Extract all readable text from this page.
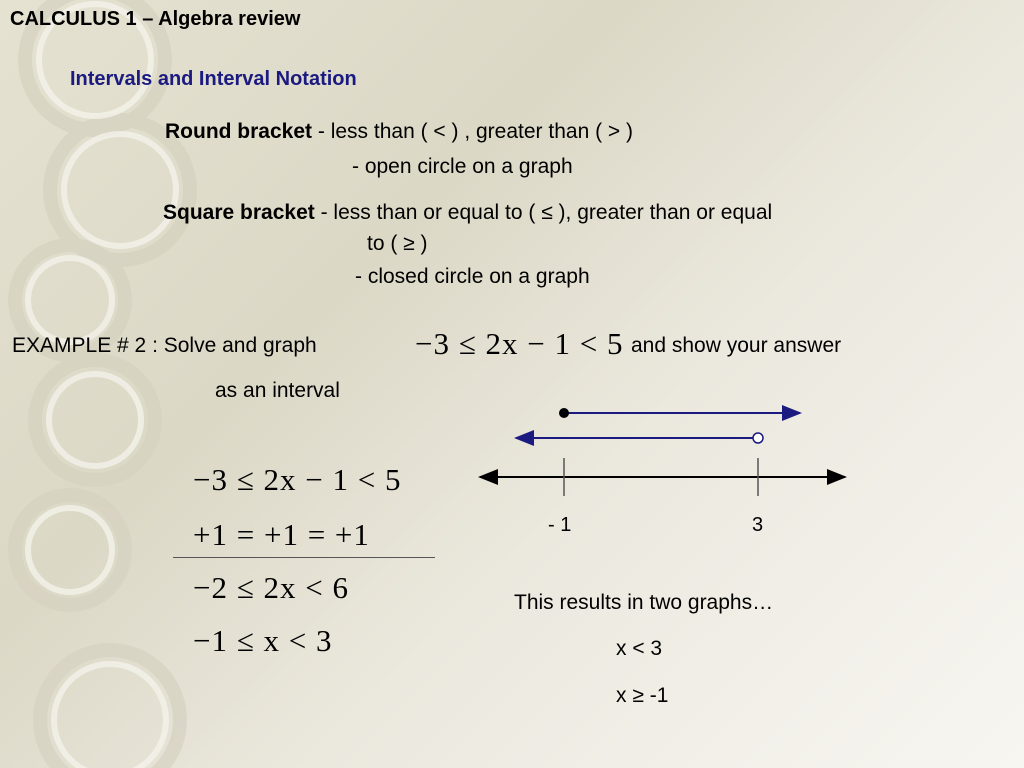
CALCULUS 1 – Algebra review
Intervals and Interval Notation
Round bracket - less than ( < ) , greater than ( > )
- open circle on a graph
Square bracket - less than or equal to ( ≤ ), greater than or equal
to ( ≥ )
- closed circle on a graph
EXAMPLE # 2 : Solve and graph	−3 ≤ 2x − 1 < 5 and show your answer
as an interval
−3 ≤ 2x − 1 < 5
+1 = +1 = +1
−2 ≤ 2x < 6
−1 ≤ x < 3
- 1	3
This results in two graphs…
x < 3
x ≥ -1
